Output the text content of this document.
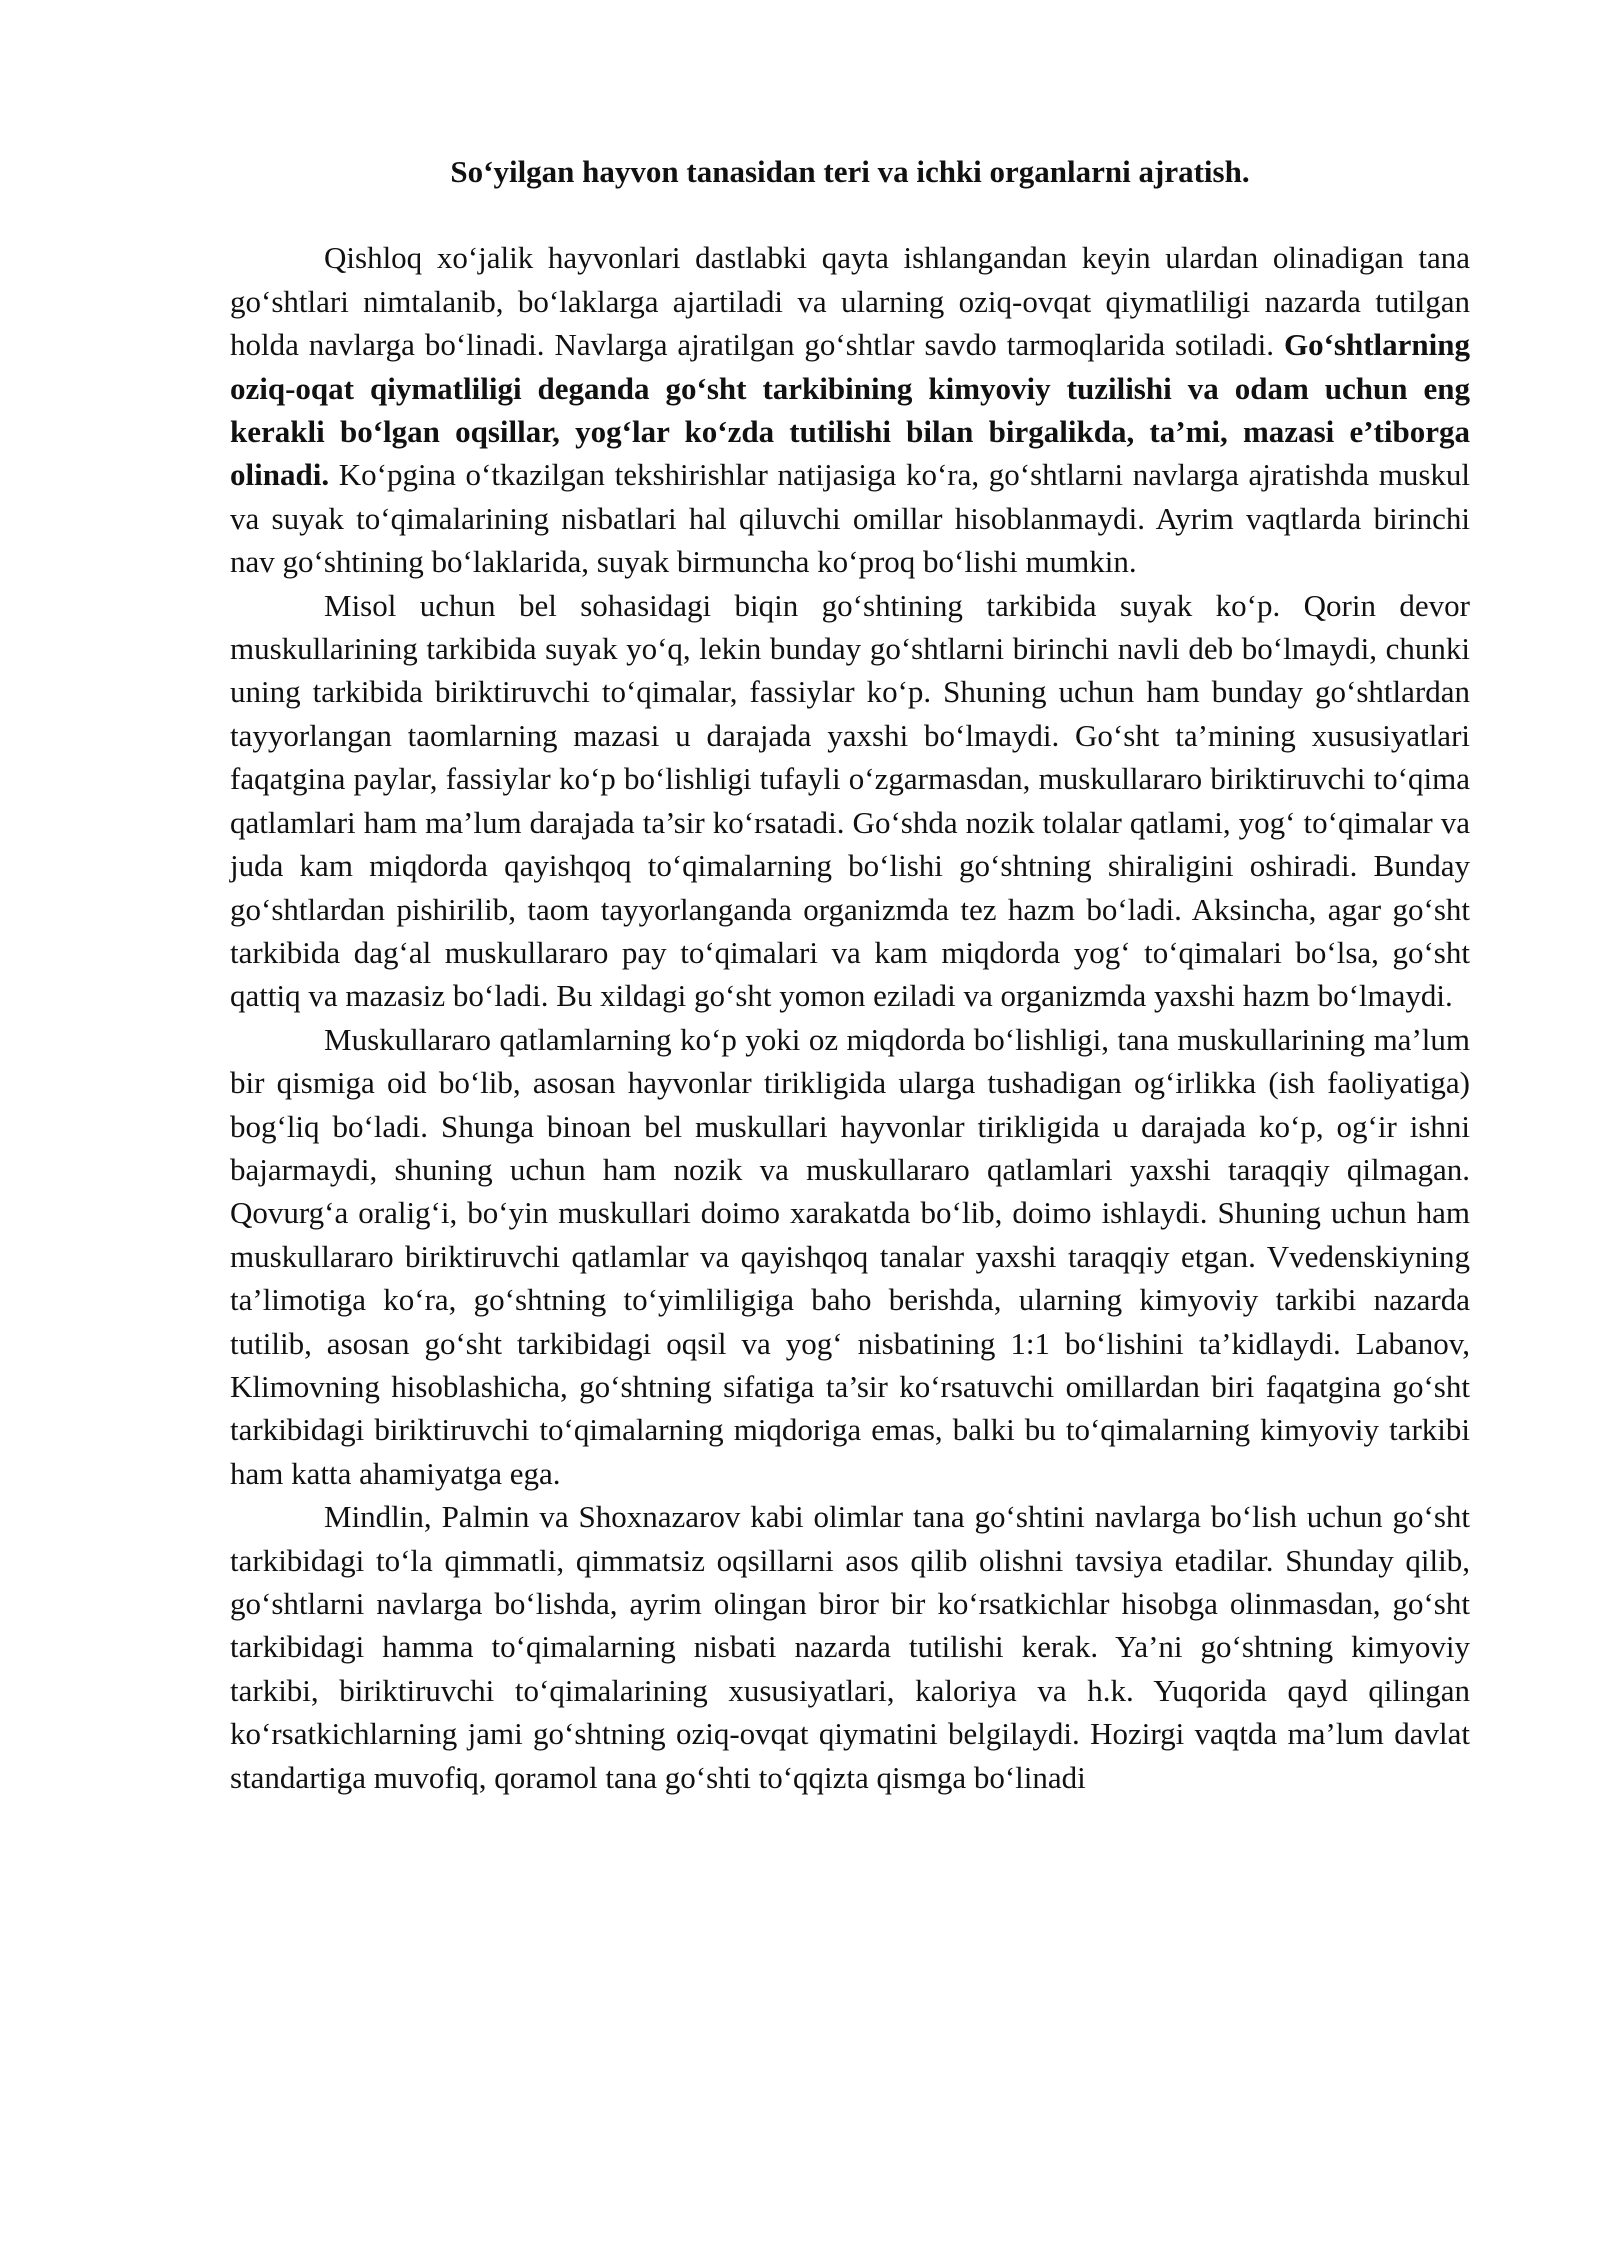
So‘yilgan hayvon tanasidan teri va ichki organlarni ajratish.

Qishloq xo‘jalik hayvonlari dastlabki qayta ishlangandan keyin ulardan olinadigan tana go‘shtlari nimtalanib, bo‘laklarga ajartiladi va ularning oziq-ovqat qiymatliligi nazarda tutilgan holda navlarga bo‘linadi. Navlarga ajratilgan go‘shtlar savdo tarmoqlarida sotiladi. Go‘shtlarning oziq-oqat qiymatliligi deganda go‘sht tarkibining kimyoviy tuzilishi va odam uchun eng kerakli bo‘lgan oqsillar, yog‘lar ko‘zda tutilishi bilan birgalikda, ta’mi, mazasi e’tiborga olinadi. Ko‘pgina o‘tkazilgan tekshirishlar natijasiga ko‘ra, go‘shtlarni navlarga ajratishda muskul va suyak to‘qimalarining nisbatlari hal qiluvchi omillar hisoblanmaydi. Ayrim vaqtlarda birinchi nav go‘shtining bo‘laklarida, suyak birmuncha ko‘proq bo‘lishi mumkin.

Misol uchun bel sohasidagi biqin go‘shtining tarkibida suyak ko‘p. Qorin devor muskullarining tarkibida suyak yo‘q, lekin bunday go‘shtlarni birinchi navli deb bo‘lmaydi, chunki uning tarkibida biriktiruvchi to‘qimalar, fassiylar ko‘p. Shuning uchun ham bunday go‘shtlardan tayyorlangan taomlarning mazasi u darajada yaxshi bo‘lmaydi. Go‘sht ta’mining xususiyatlari faqatgina paylar, fassiylar ko‘p bo‘lishligi tufayli o‘zgarmasdan, muskullararo biriktiruvchi to‘qima qatlamlari ham ma’lum darajada ta’sir ko‘rsatadi. Go‘shda nozik tolalar qatlami, yog‘ to‘qimalar va juda kam miqdorda qayishqoq to‘qimalarning bo‘lishi go‘shtning shiraligini oshiradi. Bunday go‘shtlardan pishirilib, taom tayyorlanganda organizmda tez hazm bo‘ladi. Aksincha, agar go‘sht tarkibida dag‘al muskullararo pay to‘qimalari va kam miqdorda yog‘ to‘qimalari bo‘lsa, go‘sht qattiq va mazasiz bo‘ladi. Bu xildagi go‘sht yomon eziladi va organizmda yaxshi hazm bo‘lmaydi.

Muskullararo qatlamlarning ko‘p yoki oz miqdorda bo‘lishligi, tana muskullarining ma’lum bir qismiga oid bo‘lib, asosan hayvonlar tirikligida ularga tushadigan og‘irlikka (ish faoliyatiga) bog‘liq bo‘ladi. Shunga binoan bel muskullari hayvonlar tirikligida u darajada ko‘p, og‘ir ishni bajarmaydi, shuning uchun ham nozik va muskullararo qatlamlari yaxshi taraqqiy qilmagan. Qovurg‘a oralig‘i, bo‘yin muskullari doimo xarakatda bo‘lib, doimo ishlaydi. Shuning uchun ham muskullararo biriktiruvchi qatlamlar va qayishqoq tanalar yaxshi taraqqiy etgan. Vvedenskiyning ta’limotiga ko‘ra, go‘shtning to‘yimliligiga baho berishda, ularning kimyoviy tarkibi nazarda tutilib, asosan go‘sht tarkibidagi oqsil va yog‘ nisbatining 1:1 bo‘lishini ta’kidlaydi. Labanov, Klimovning hisoblashicha, go‘shtning sifatiga ta’sir ko‘rsatuvchi omillardan biri faqatgina go‘sht tarkibidagi biriktiruvchi to‘qimalarning miqdoriga emas, balki bu to‘qimalarning kimyoviy tarkibi ham katta ahamiyatga ega.

Mindlin, Palmin va Shoxnazarov kabi olimlar tana go‘shtini navlarga bo‘lish uchun go‘sht tarkibidagi to‘la qimmatli, qimmatsiz oqsillarni asos qilib olishni tavsiya etadilar. Shunday qilib, go‘shtlarni navlarga bo‘lishda, ayrim olingan biror bir ko‘rsatkichlar hisobga olinmasdan, go‘sht tarkibidagi hamma to‘qimalarning nisbati nazarda tutilishi kerak. Ya’ni go‘shtning kimyoviy tarkibi, biriktiruvchi to‘qimalarining xususiyatlari, kaloriya va h.k. Yuqorida qayd qilingan ko‘rsatkichlarning jami go‘shtning oziq-ovqat qiymatini belgilaydi. Hozirgi vaqtda ma’lum davlat standartiga muvofiq, qoramol tana go‘shti to‘qqizta qismga bo‘linadi
